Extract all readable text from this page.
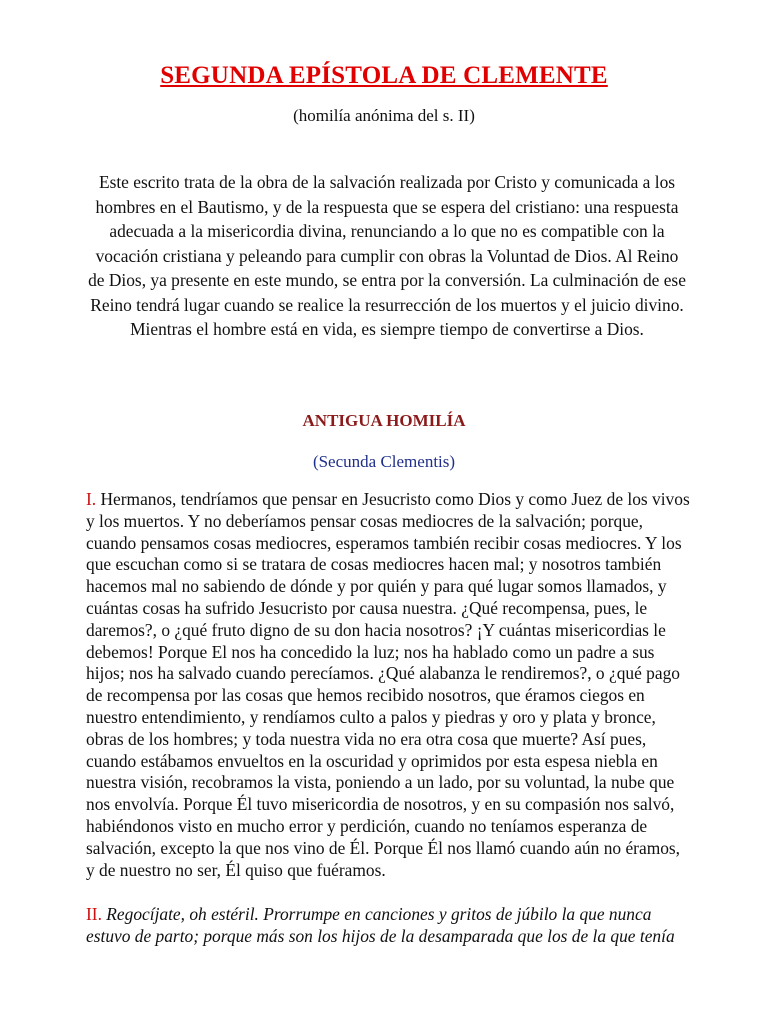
SEGUNDA EPÍSTOLA DE CLEMENTE
(homilía anónima del s. II)
Este escrito trata de la obra de la salvación realizada por Cristo y comunicada a los hombres en el Bautismo, y de la respuesta que se espera del cristiano: una respuesta adecuada a la misericordia divina, renunciando a lo que no es compatible con la vocación cristiana y peleando para cumplir con obras la Voluntad de Dios. Al Reino de Dios, ya presente en este mundo, se entra por la conversión. La culminación de ese Reino tendrá lugar cuando se realice la resurrección de los muertos y el juicio divino. Mientras el hombre está en vida, es siempre tiempo de convertirse a Dios.
ANTIGUA HOMILÍA
(Secunda Clementis)
I. Hermanos, tendríamos que pensar en Jesucristo como Dios y como Juez de los vivos y los muertos. Y no deberíamos pensar cosas mediocres de la salvación; porque, cuando pensamos cosas mediocres, esperamos también recibir cosas mediocres. Y los que escuchan como si se tratara de cosas mediocres hacen mal; y nosotros también hacemos mal no sabiendo de dónde y por quién y para qué lugar somos llamados, y cuántas cosas ha sufrido Jesucristo por causa nuestra. ¿Qué recompensa, pues, le daremos?, o ¿qué fruto digno de su don hacia nosotros? ¡Y cuántas misericordias le debemos! Porque El nos ha concedido la luz; nos ha hablado como un padre a sus hijos; nos ha salvado cuando perecíamos. ¿Qué alabanza le rendiremos?, o ¿qué pago de recompensa por las cosas que hemos recibido nosotros, que éramos ciegos en nuestro entendimiento, y rendíamos culto a palos y piedras y oro y plata y bronce, obras de los hombres; y toda nuestra vida no era otra cosa que muerte? Así pues, cuando estábamos envueltos en la oscuridad y oprimidos por esta espesa niebla en nuestra visión, recobramos la vista, poniendo a un lado, por su voluntad, la nube que nos envolvía. Porque Él tuvo misericordia de nosotros, y en su compasión nos salvó, habiéndonos visto en mucho error y perdición, cuando no teníamos esperanza de salvación, excepto la que nos vino de Él. Porque Él nos llamó cuando aún no éramos, y de nuestro no ser, Él quiso que fuéramos.
II. Regocíjate, oh estéril. Prorrumpe en canciones y gritos de júbilo la que nunca estuvo de parto; porque más son los hijos de la desamparada que los de la que tenía
